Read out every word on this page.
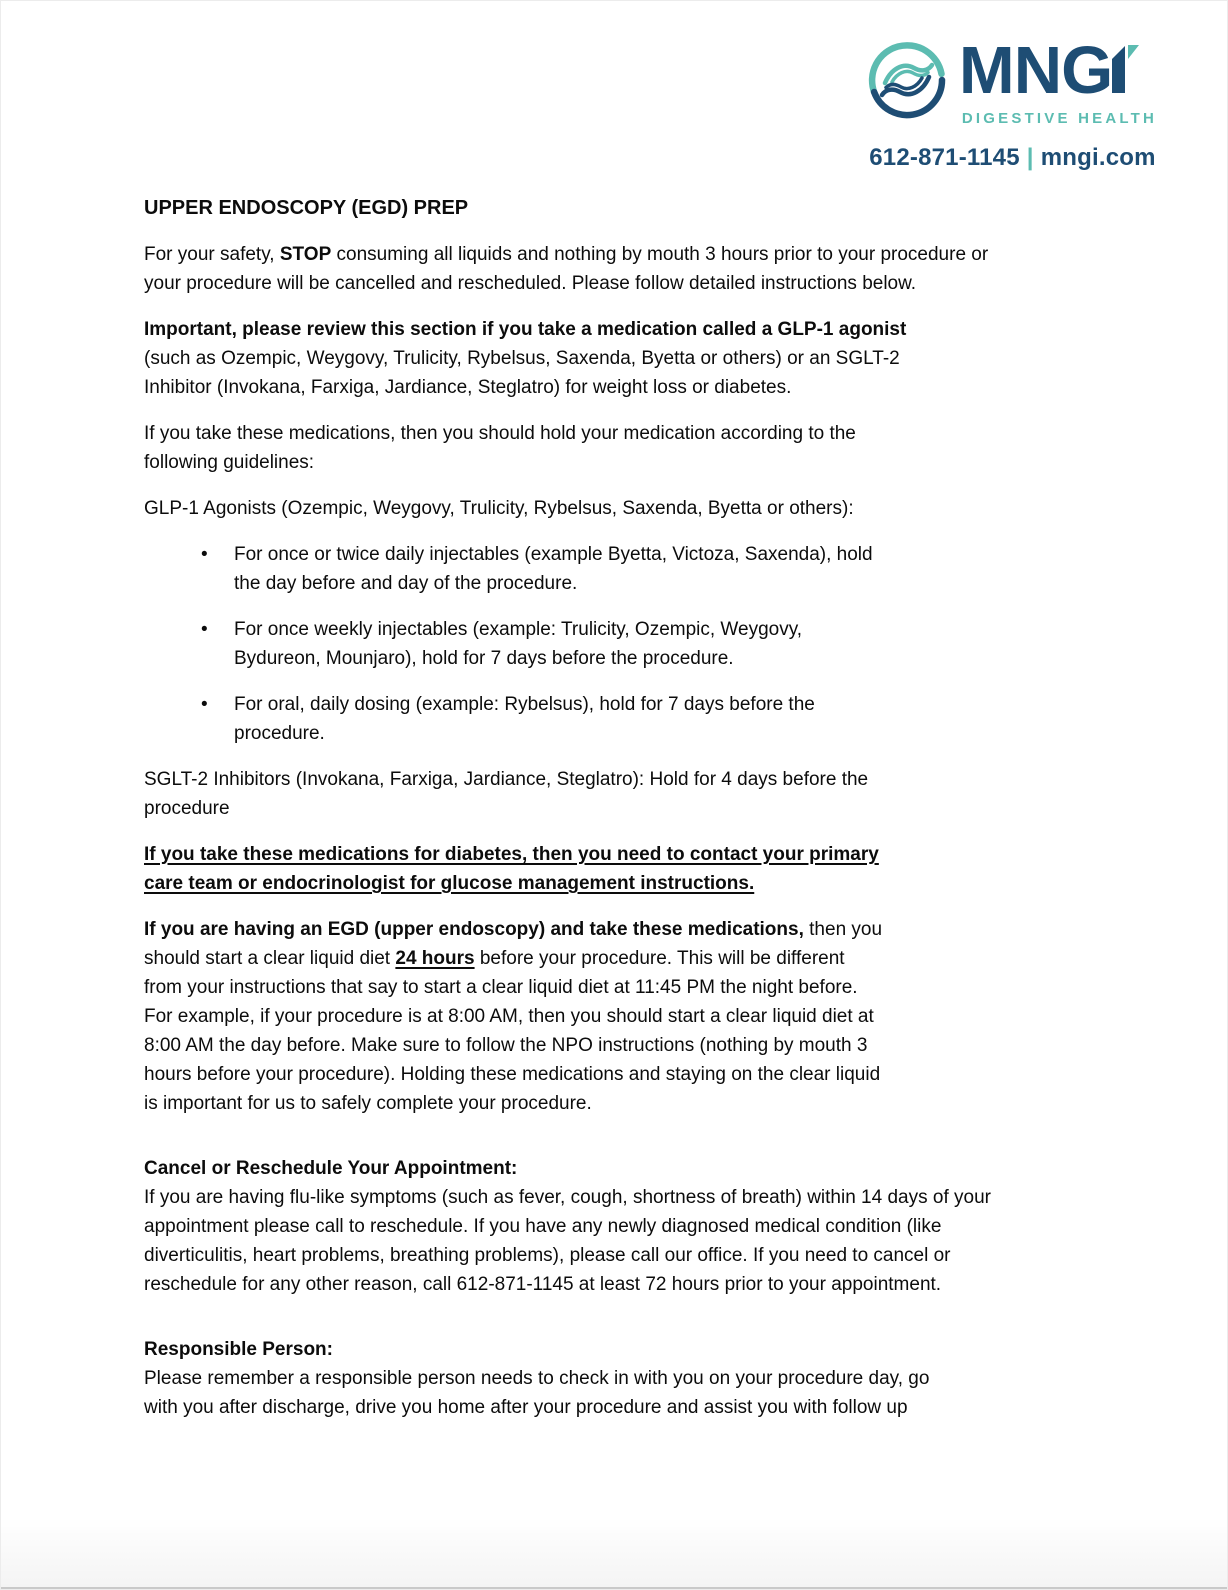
MNG
DIGESTIVE HEALTH
612-871-1145 | mngi.com

UPPER ENDOSCOPY (EGD) PREP

For your safety, STOP consuming all liquids and nothing by mouth 3 hours prior to your procedure or
your procedure will be cancelled and rescheduled. Please follow detailed instructions below.

Important, please review this section if you take a medication called a GLP-1 agonist
(such as Ozempic, Weygovy, Trulicity, Rybelsus, Saxenda, Byetta or others) or an SGLT-2
Inhibitor (Invokana, Farxiga, Jardiance, Steglatro) for weight loss or diabetes.

If you take these medications, then you should hold your medication according to the
following guidelines:

GLP-1 Agonists (Ozempic, Weygovy, Trulicity, Rybelsus, Saxenda, Byetta or others):

• For once or twice daily injectables (example Byetta, Victoza, Saxenda), hold
the day before and day of the procedure.
• For once weekly injectables (example: Trulicity, Ozempic, Weygovy,
Bydureon, Mounjaro), hold for 7 days before the procedure.
• For oral, daily dosing (example: Rybelsus), hold for 7 days before the
procedure.

SGLT-2 Inhibitors (Invokana, Farxiga, Jardiance, Steglatro): Hold for 4 days before the
procedure

If you take these medications for diabetes, then you need to contact your primary
care team or endocrinologist for glucose management instructions.

If you are having an EGD (upper endoscopy) and take these medications, then you
should start a clear liquid diet 24 hours before your procedure. This will be different
from your instructions that say to start a clear liquid diet at 11:45 PM the night before.
For example, if your procedure is at 8:00 AM, then you should start a clear liquid diet at
8:00 AM the day before. Make sure to follow the NPO instructions (nothing by mouth 3
hours before your procedure). Holding these medications and staying on the clear liquid
is important for us to safely complete your procedure.

Cancel or Reschedule Your Appointment:

If you are having flu-like symptoms (such as fever, cough, shortness of breath) within 14 days of your
appointment please call to reschedule. If you have any newly diagnosed medical condition (like
diverticulitis, heart problems, breathing problems), please call our office. If you need to cancel or
reschedule for any other reason, call 612-871-1145 at least 72 hours prior to your appointment.

Responsible Person:

Please remember a responsible person needs to check in with you on your procedure day, go
with you after discharge, drive you home after your procedure and assist you with follow up
